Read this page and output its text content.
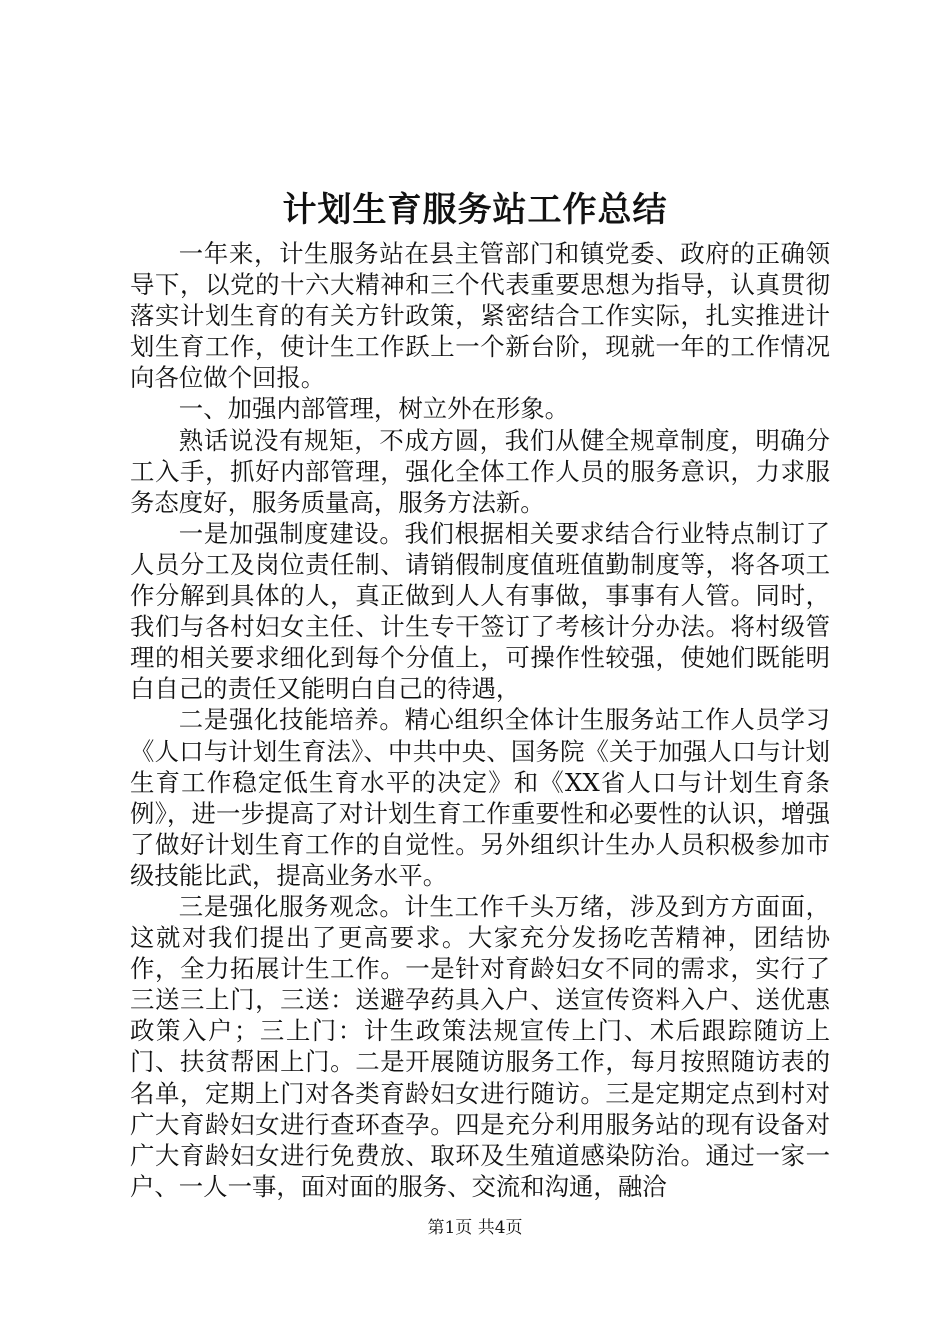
计划生育服务站工作总结

一年来，计生服务站在县主管部门和镇党委、政府的正确领导下，以党的十六大精神和三个代表重要思想为指导，认真贯彻落实计划生育的有关方针政策，紧密结合工作实际，扎实推进计划生育工作，使计生工作跃上一个新台阶，现就一年的工作情况向各位做个回报。

一、加强内部管理，树立外在形象。

熟话说没有规矩，不成方圆，我们从健全规章制度，明确分工入手，抓好内部管理，强化全体工作人员的服务意识，力求服务态度好，服务质量高，服务方法新。

一是加强制度建设。我们根据相关要求结合行业特点制订了人员分工及岗位责任制、请销假制度值班值勤制度等，将各项工作分解到具体的人，真正做到人人有事做，事事有人管。同时，我们与各村妇女主任、计生专干签订了考核计分办法。将村级管理的相关要求细化到每个分值上，可操作性较强，使她们既能明白自己的责任又能明白自己的待遇，

二是强化技能培养。精心组织全体计生服务站工作人员学习《人口与计划生育法》、中共中央、国务院《关于加强人口与计划生育工作稳定低生育水平的决定》和《XX省人口与计划生育条例》，进一步提高了对计划生育工作重要性和必要性的认识，增强了做好计划生育工作的自觉性。另外组织计生办人员积极参加市级技能比武，提高业务水平。

三是强化服务观念。计生工作千头万绪，涉及到方方面面，这就对我们提出了更高要求。大家充分发扬吃苦精神，团结协作，全力拓展计生工作。一是针对育龄妇女不同的需求，实行了三送三上门，三送：送避孕药具入户、送宣传资料入户、送优惠政策入户；三上门：计生政策法规宣传上门、术后跟踪随访上门、扶贫帮困上门。二是开展随访服务工作，每月按照随访表的名单，定期上门对各类育龄妇女进行随访。三是定期定点到村对广大育龄妇女进行查环查孕。四是充分利用服务站的现有设备对广大育龄妇女进行免费放、取环及生殖道感染防治。通过一家一户、一人一事，面对面的服务、交流和沟通，融洽

第1页 共4页
